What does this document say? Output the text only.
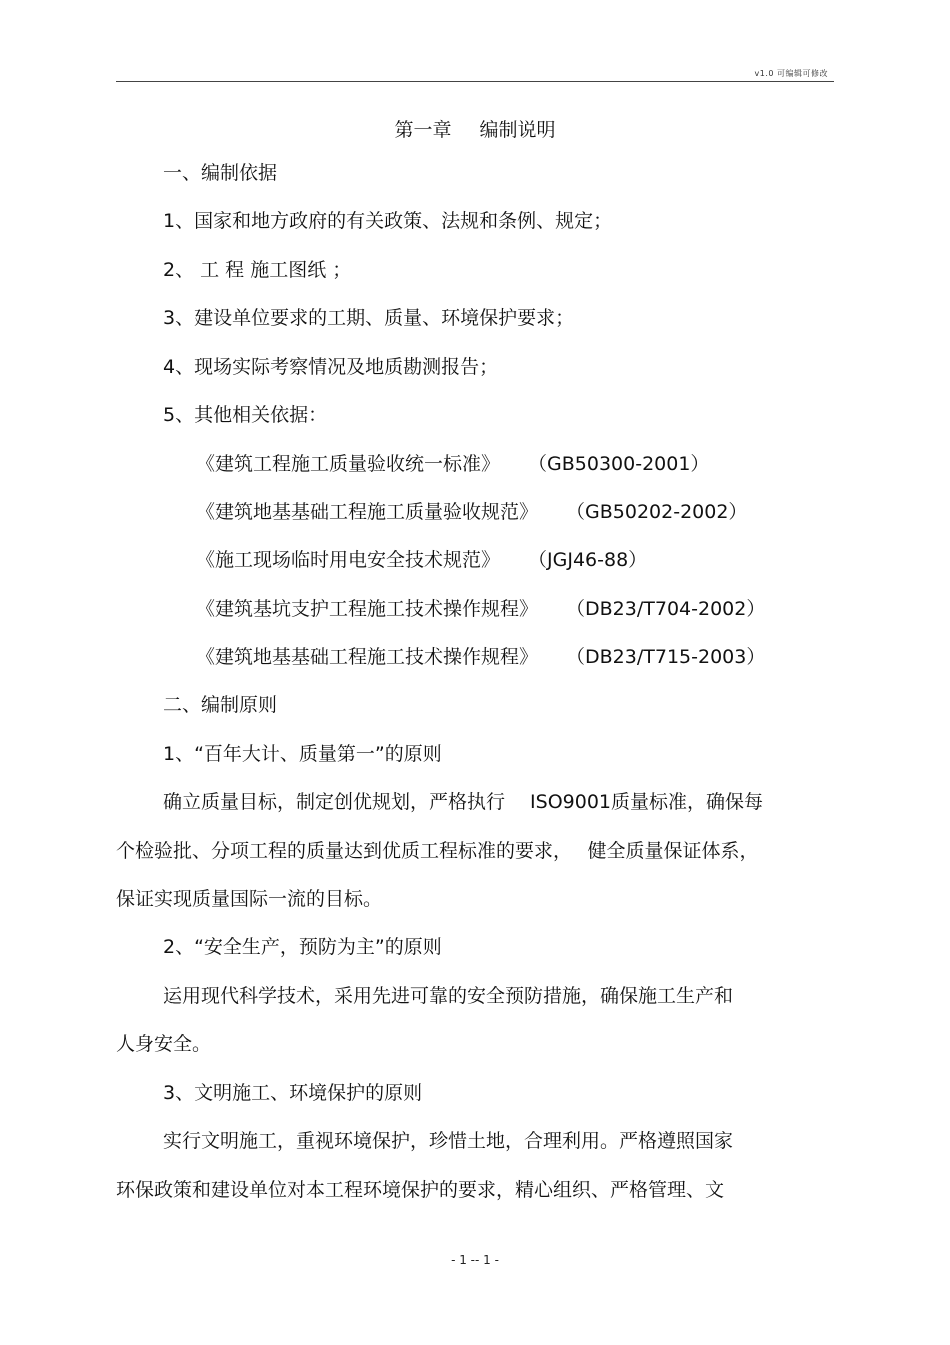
v1.0 可编辑可修改
第一章 编制说明
一、编制依据
1、国家和地方政府的有关政策、法规和条例、规定；
2、 工 程 施工图纸 ；
3、建设单位要求的工期、质量、环境保护要求；
4、现场实际考察情况及地质勘测报告；
5、其他相关依据：
《建筑工程施工质量验收统一标准》 （GB50300-2001）
《建筑地基基础工程施工质量验收规范》 （GB50202-2002）
《施工现场临时用电安全技术规范》 （JGJ46-88）
《建筑基坑支护工程施工技术操作规程》 （DB23/T704-2002）
《建筑地基基础工程施工技术操作规程》 （DB23/T715-2003）
二、编制原则
1、“百年大计、质量第一”的原则
确立质量目标，制定创优规划，严格执行　 ISO9001质量标准，确保每
个检验批、分项工程的质量达到优质工程标准的要求，　 健全质量保证体系，
保证实现质量国际一流的目标。
2、“安全生产，预防为主”的原则
运用现代科学技术，采用先进可靠的安全预防措施，确保施工生产和
人身安全。
3、文明施工、环境保护的原则
实行文明施工，重视环境保护，珍惜土地，合理利用。严格遵照国家
环保政策和建设单位对本工程环境保护的要求，精心组织、严格管理、文
- 1 -- 1 -
